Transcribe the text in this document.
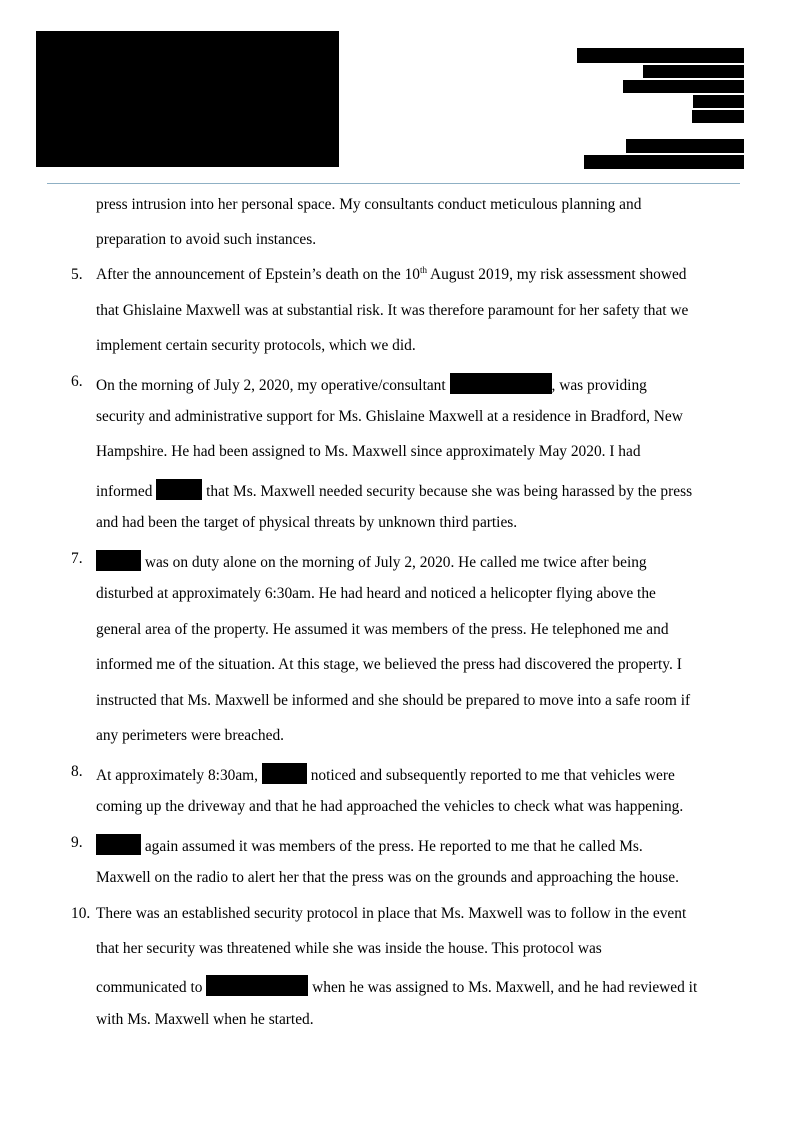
press intrusion into her personal space. My consultants conduct meticulous planning and
preparation to avoid such instances.
5. After the announcement of Epstein’s death on the 10th August 2019, my risk assessment showed
that Ghislaine Maxwell was at substantial risk. It was therefore paramount for her safety that we
implement certain security protocols, which we did.
6. On the morning of July 2, 2020, my operative/consultant	, was providing
security and administrative support for Ms. Ghislaine Maxwell at a residence in Bradford, New
Hampshire. He had been assigned to Ms. Maxwell since approximately May 2020. I had
informed	that Ms. Maxwell needed security because she was being harassed by the press
and had been the target of physical threats by unknown third parties.
7.	was on duty alone on the morning of July 2, 2020. He called me twice after being
disturbed at approximately 6:30am. He had heard and noticed a helicopter flying above the
general area of the property. He assumed it was members of the press. He telephoned me and
informed me of the situation. At this stage, we believed the press had discovered the property. I
instructed that Ms. Maxwell be informed and she should be prepared to move into a safe room if
any perimeters were breached.
8. At approximately 8:30am,	noticed and subsequently reported to me that vehicles were
coming up the driveway and that he had approached the vehicles to check what was happening.
9.	again assumed it was members of the press. He reported to me that he called Ms.
Maxwell on the radio to alert her that the press was on the grounds and approaching the house.
10. There was an established security protocol in place that Ms. Maxwell was to follow in the event
that her security was threatened while she was inside the house. This protocol was
communicated to	when he was assigned to Ms. Maxwell, and he had reviewed it
with Ms. Maxwell when he started.
